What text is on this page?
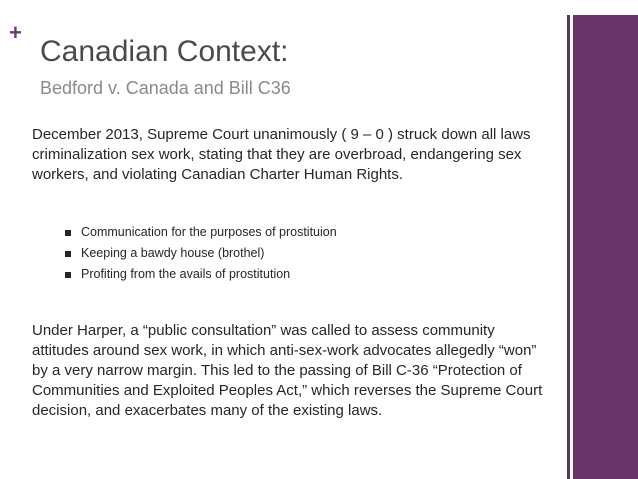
+
Canadian Context:
Bedford v. Canada and Bill C36
December 2013, Supreme Court unanimously ( 9 – 0 ) struck down all laws criminalization sex work, stating that they are overbroad, endangering sex workers, and violating Canadian Charter Human Rights.
Communication for the purposes of prostituion
Keeping a bawdy house (brothel)
Profiting from the avails of prostitution
Under Harper, a “public consultation” was called to assess community attitudes around sex work, in which anti-sex-work advocates allegedly “won” by a very narrow margin. This led to the passing of Bill C-36 “Protection of Communities and Exploited Peoples Act,” which reverses the Supreme Court decision, and exacerbates many of the existing laws.
